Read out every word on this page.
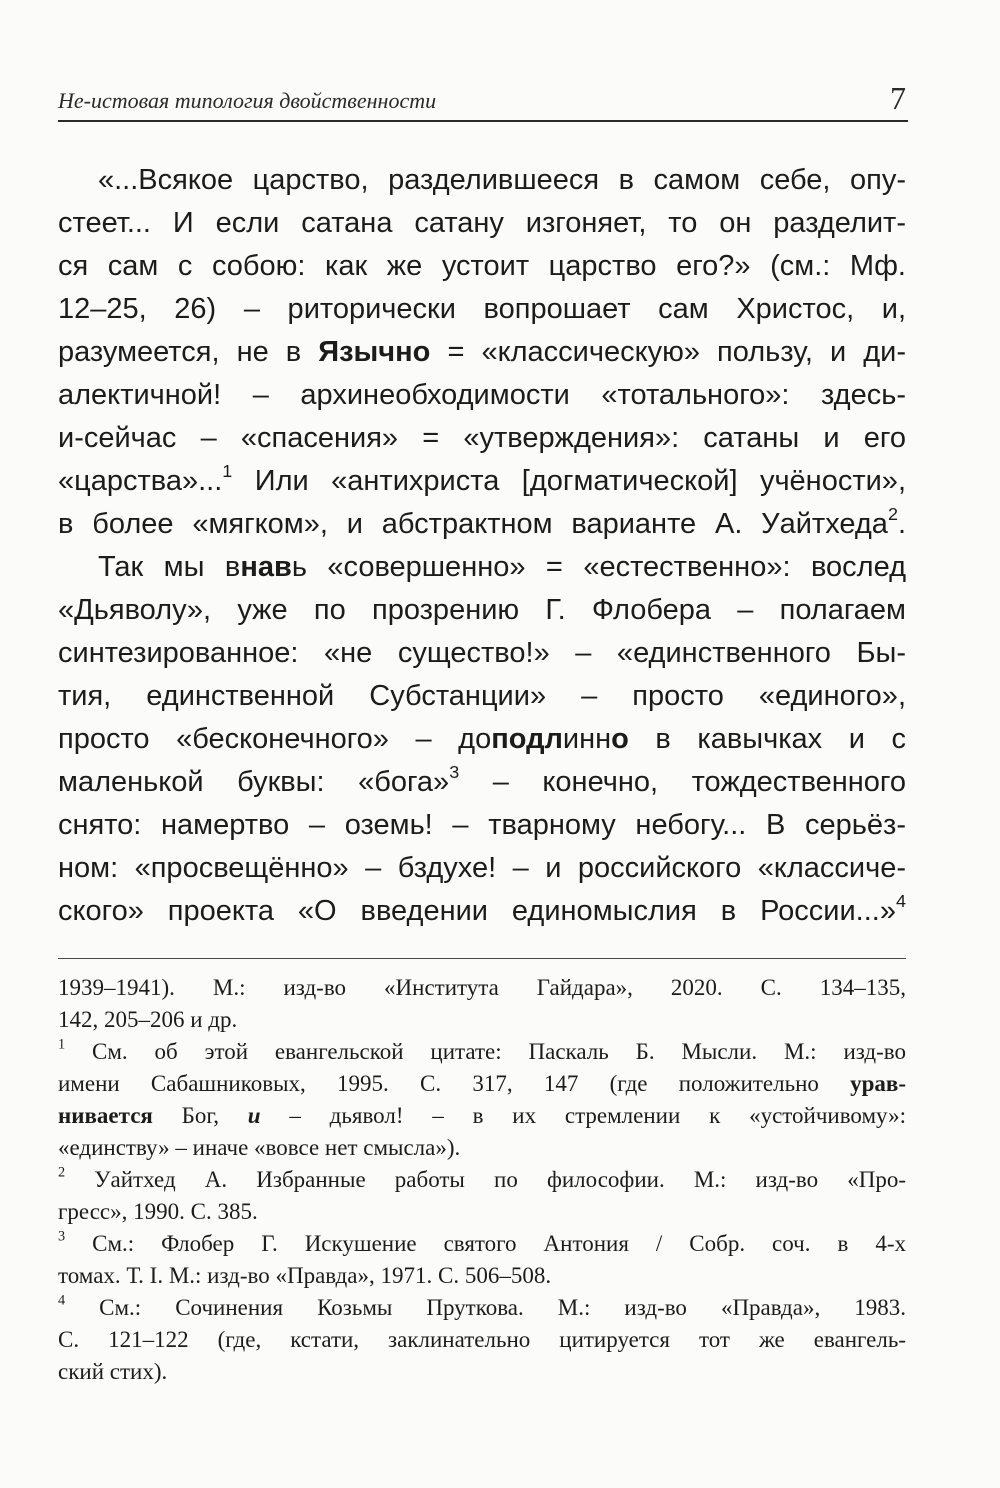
Не-истовая типология двойственности	7
«...Всякое царство, разделившееся в самом себе, опу-
стеет... И если сатана сатану изгоняет, то он разделит-
ся сам с собою: как же устоит царство его?» (см.: Мф.
12–25, 26) – риторически вопрошает сам Христос, и,
разумеется, не в Язычно = «классическую» пользу, и ди-
алектичной! – архинеобходимости «тотального»: здесь-
и-сейчас – «спасения» = «утверждения»: сатаны и его
«царства»...$^1$ Или «антихриста [догматической] учёности»,
в более «мягком», и абстрактном варианте А. Уайтхеда$^2$.
Так мы внавь «совершенно» = «естественно»: вослед
«Дьяволу», уже по прозрению Г. Флобера – полагаем
синтезированное: «не существо!» – «единственного Бы-
тия, единственной Субстанции» – просто «единого»,
просто «бесконечного» – доподлинно в кавычках и с
маленькой буквы: «бога»$^3$ – конечно, тождественного
снято: намертво – оземь! – тварному небогу... В серьёз-
ном: «просвещённо» – бздухе! – и российского «классиче-
ского» проекта «О введении единомыслия в России...»$^4$
1939–1941). М.: изд-во «Института Гайдара», 2020. С. 134–135,
142, 205–206 и др.
$^1$ См. об этой евангельской цитате: Паскаль Б. Мысли. М.: изд-во
имени Сабашниковых, 1995. С. 317, 147 (где положительно урав-
нивается Бог, и – дьявол! – в их стремлении к «устойчивому»:
«единству» – иначе «вовсе нет смысла»).
$^2$ Уайтхед А. Избранные работы по философии. М.: изд-во «Про-
гресс», 1990. С. 385.
$^3$ См.: Флобер Г. Искушение святого Антония / Собр. соч. в 4-х
томах. Т. I. М.: изд-во «Правда», 1971. С. 506–508.
$^4$ См.: Сочинения Козьмы Пруткова. М.: изд-во «Правда», 1983.
С. 121–122 (где, кстати, заклинательно цитируется тот же евангель-
ский стих).
